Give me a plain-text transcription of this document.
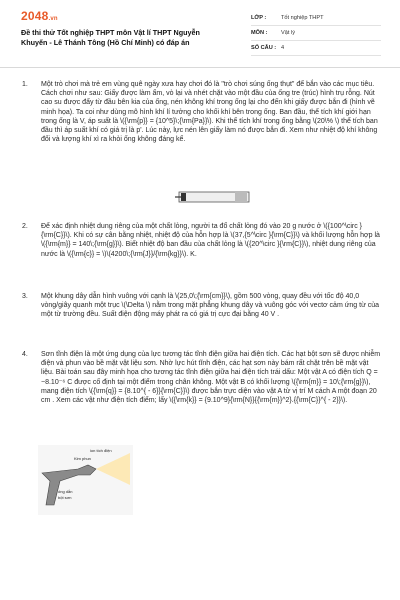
2048.vn
Đề thi thử Tốt nghiệp THPT môn Vật lí THPT Nguyễn Khuyến - Lê Thánh Tông (Hồ Chí Minh) có đáp án
LỚP :	Tốt nghiệp THPT
MÔN :	Vật lý
SỐ CÂU : 4
1.	Một trò chơi mà trẻ em vùng quê ngày xưa hay chơi đó là "trò chơi súng ống thụt" để bắn vào các mục tiêu. Cách chơi như sau: Giấy được làm ẩm, vò lại và nhét chặt vào một đầu của ống tre (trúc) hình trụ rỗng. Nút cao su được đẩy từ đầu bên kia của ống, nén không khí trong ống lại cho đến khi giấy được bắn đi (hình vẽ minh họa). Ta coi như dùng mô hình khí lí tưởng cho khối khí bên trong ống. Ban đầu, thể tích khí giới hạn trong ống là V, áp suất là \({\rm{p}} = {10^5}\;{\rm{Pa}}\). Khi thể tích khí trong ống bằng \(20\% \) thể tích ban đầu thì áp suất khí có giá trị là p'. Lúc này, lực nén lên giấy làm nó được bắn đi. Xem như nhiệt độ khí không đổi và lượng khí xì ra khỏi ống không đáng kể.
2.	Để xác định nhiệt dung riêng của một chất lỏng, người ta đổ chất lỏng đó vào 20 g nước ở \({100^\circ }{\rm{C}}\). Khi có sự cân bằng nhiệt, nhiệt độ của hỗn hợp là \(37,{5^\circ }{\rm{C}}\) và khối lượng hỗn hợp là \({\rm{m}} = 140\;{\rm{g}}\). Biết nhiệt độ ban đầu của chất lỏng là \({20^\circ }{\rm{C}}\), nhiệt dung riêng của nước là \({\rm{c}} = \)\(4200\;{\rm{J}}/{\rm{kg}}\). K.
3.	Một khung dây dẫn hình vuông với cạnh là \(25,0\;{\rm{cm}}\), gồm 500 vòng, quay đều với tốc độ 40,0 vòng/giây quanh một trục \(\Delta \) nằm trong mặt phẳng khung dây và vuông góc với vectơ cảm ứng từ của một từ trường đều. Suất điện động máy phát ra có giá trị cực đại bằng 40 V .
4.	Sơn tĩnh điện là một ứng dụng của lực tương tác tĩnh điện giữa hai điện tích. Các hạt bột sơn sẽ được nhiễm điện và phun vào bề mặt vật liệu sơn. Nhờ lực hút tĩnh điện, các hạt sơn này bám rất chặt trên bề mặt vật liệu. Bài toán sau đây minh họa cho tương tác tĩnh điện giữa hai điện tích trái dấu: Một vật A có điện tích Q = −8.10⁻⁶ C được cố định tại một điểm trong chân không. Một vật B có khối lượng \({\rm{m}} = 10\;{\rm{g}}\), mang điện tích \({\rm{q}} = {8.10^{ - 6}}{\rm{C}}\) được bắn trực diện vào vật A từ vị trí M cách A một đoạn 20 cm . Xem các vật như điện tích điểm; lấy \({\rm{k}} = {9.10^9}{\rm{N}}{{\rm{m}}^2}.{{\rm{C}}^{ - 2}}\).
ion tích điện
Kim phun
ống dẫn
bột sơn
